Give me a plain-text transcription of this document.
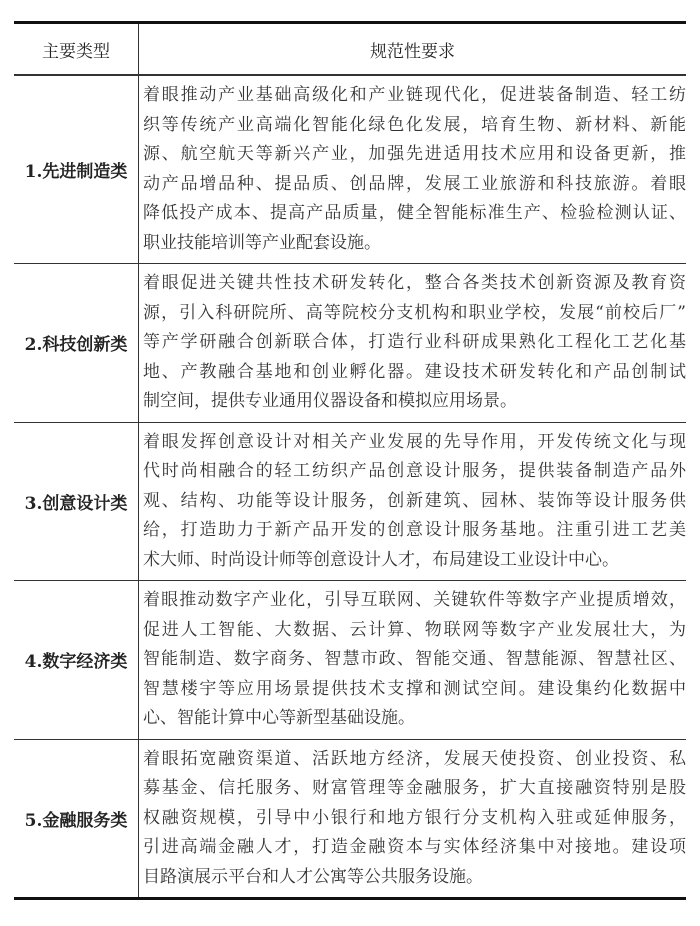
主要类型	规范性要求
1.先进制造类
着眼推动产业基础高级化和产业链现代化，促进装备制造、轻工纺
织等传统产业高端化智能化绿色化发展，培育生物、新材料、新能
源、航空航天等新兴产业，加强先进适用技术应用和设备更新，推
动产品增品种、提品质、创品牌，发展工业旅游和科技旅游。着眼
降低投产成本、提高产品质量，健全智能标准生产、检验检测认证、
职业技能培训等产业配套设施。
2.科技创新类
着眼促进关键共性技术研发转化，整合各类技术创新资源及教育资
源，引入科研院所、高等院校分支机构和职业学校，发展“前校后厂”
等产学研融合创新联合体，打造行业科研成果熟化工程化工艺化基
地、产教融合基地和创业孵化器。建设技术研发转化和产品创制试
制空间，提供专业通用仪器设备和模拟应用场景。
3.创意设计类
着眼发挥创意设计对相关产业发展的先导作用，开发传统文化与现
代时尚相融合的轻工纺织产品创意设计服务，提供装备制造产品外
观、结构、功能等设计服务，创新建筑、园林、装饰等设计服务供
给，打造助力于新产品开发的创意设计服务基地。注重引进工艺美
术大师、时尚设计师等创意设计人才，布局建设工业设计中心。
4.数字经济类
着眼推动数字产业化，引导互联网、关键软件等数字产业提质增效，
促进人工智能、大数据、云计算、物联网等数字产业发展壮大，为
智能制造、数字商务、智慧市政、智能交通、智慧能源、智慧社区、
智慧楼宇等应用场景提供技术支撑和测试空间。建设集约化数据中
心、智能计算中心等新型基础设施。
5.金融服务类
着眼拓宽融资渠道、活跃地方经济，发展天使投资、创业投资、私
募基金、信托服务、财富管理等金融服务，扩大直接融资特别是股
权融资规模，引导中小银行和地方银行分支机构入驻或延伸服务，
引进高端金融人才，打造金融资本与实体经济集中对接地。建设项
目路演展示平台和人才公寓等公共服务设施。
